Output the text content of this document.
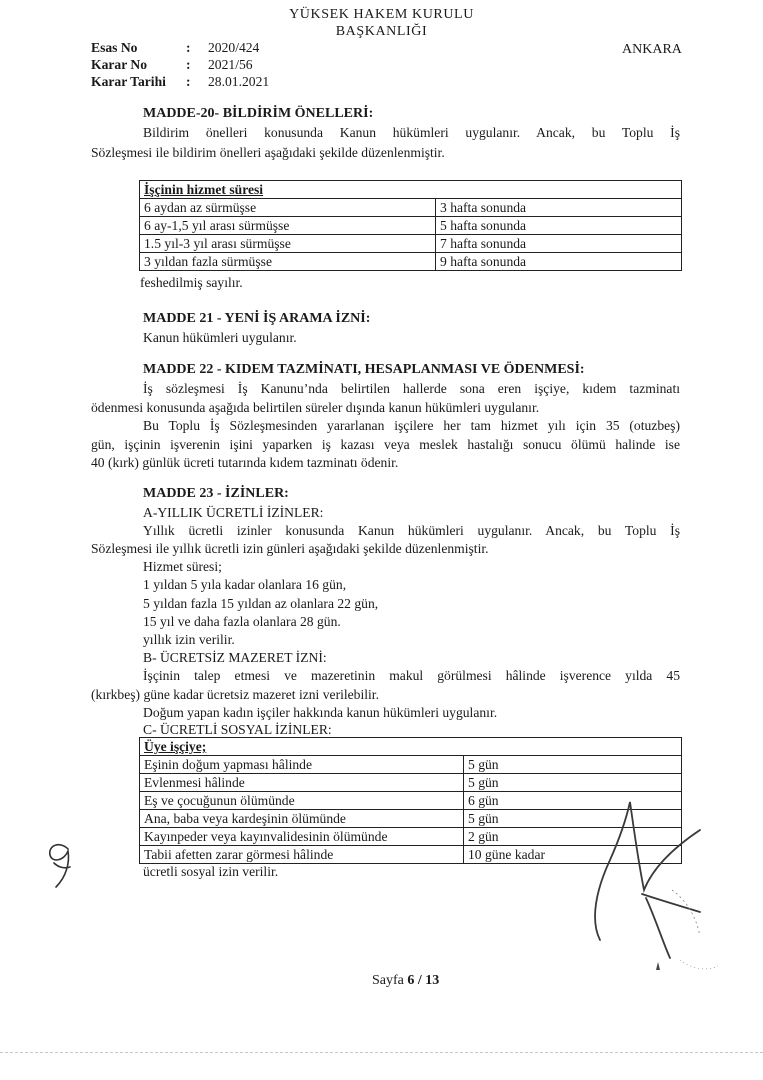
YÜKSEK HAKEM KURULU
BAŞKANLIĞI
ANKARA
Esas No	: 2020/424
Karar No	: 2021/56
Karar Tarihi : 28.01.2021
MADDE-20- BİLDİRİM ÖNELLERİ:
Bildirim önelleri konusunda Kanun hükümleri uygulanır. Ancak, bu Toplu İş
Sözleşmesi ile bildirim önelleri aşağıdaki şekilde düzenlenmiştir.
İşçinin hizmet süresi	
6 aydan az sürmüşse	3 hafta sonunda
6 ay-1,5 yıl arası sürmüşse	5 hafta sonunda
1.5 yıl-3 yıl arası sürmüşse	7 hafta sonunda
3 yıldan fazla sürmüşse	9 hafta sonunda
feshedilmiş sayılır.
MADDE 21 - YENİ İŞ ARAMA İZNİ:
Kanun hükümleri uygulanır.
MADDE 22 - KIDEM TAZMİNATI, HESAPLANMASI VE ÖDENMESİ:
İş sözleşmesi İş Kanunu’nda belirtilen hallerde sona eren işçiye, kıdem tazminatı
ödenmesi konusunda aşağıda belirtilen süreler dışında kanun hükümleri uygulanır.
Bu Toplu İş Sözleşmesinden yararlanan işçilere her tam hizmet yılı için 35 (otuzbeş)
gün, işçinin işverenin işini yaparken iş kazası veya meslek hastalığı sonucu ölümü halinde ise
40 (kırk) günlük ücreti tutarında kıdem tazminatı ödenir.
MADDE 23 - İZİNLER:
A-YILLIK ÜCRETLİ İZİNLER:
Yıllık ücretli izinler konusunda Kanun hükümleri uygulanır. Ancak, bu Toplu İş
Sözleşmesi ile yıllık ücretli izin günleri aşağıdaki şekilde düzenlenmiştir.
Hizmet süresi;
1 yıldan 5 yıla kadar olanlara 16 gün,
5 yıldan fazla 15 yıldan az olanlara 22 gün,
15 yıl ve daha fazla olanlara 28 gün.
yıllık izin verilir.
B- ÜCRETSİZ MAZERET İZNİ:
İşçinin talep etmesi ve mazeretinin makul görülmesi hâlinde işverence yılda 45
(kırkbeş) güne kadar ücretsiz mazeret izni verilebilir.
Doğum yapan kadın işçiler hakkında kanun hükümleri uygulanır.
C- ÜCRETLİ SOSYAL İZİNLER:
Üye işçiye;	
Eşinin doğum yapması hâlinde	5 gün
Evlenmesi hâlinde	5 gün
Eş ve çocuğunun ölümünde	6 gün
Ana, baba veya kardeşinin ölümünde	5 gün
Kayınpeder veya kayınvalidesinin ölümünde	2 gün
Tabii afetten zarar görmesi hâlinde	10 güne kadar
ücretli sosyal izin verilir.
Sayfa 6 / 13
